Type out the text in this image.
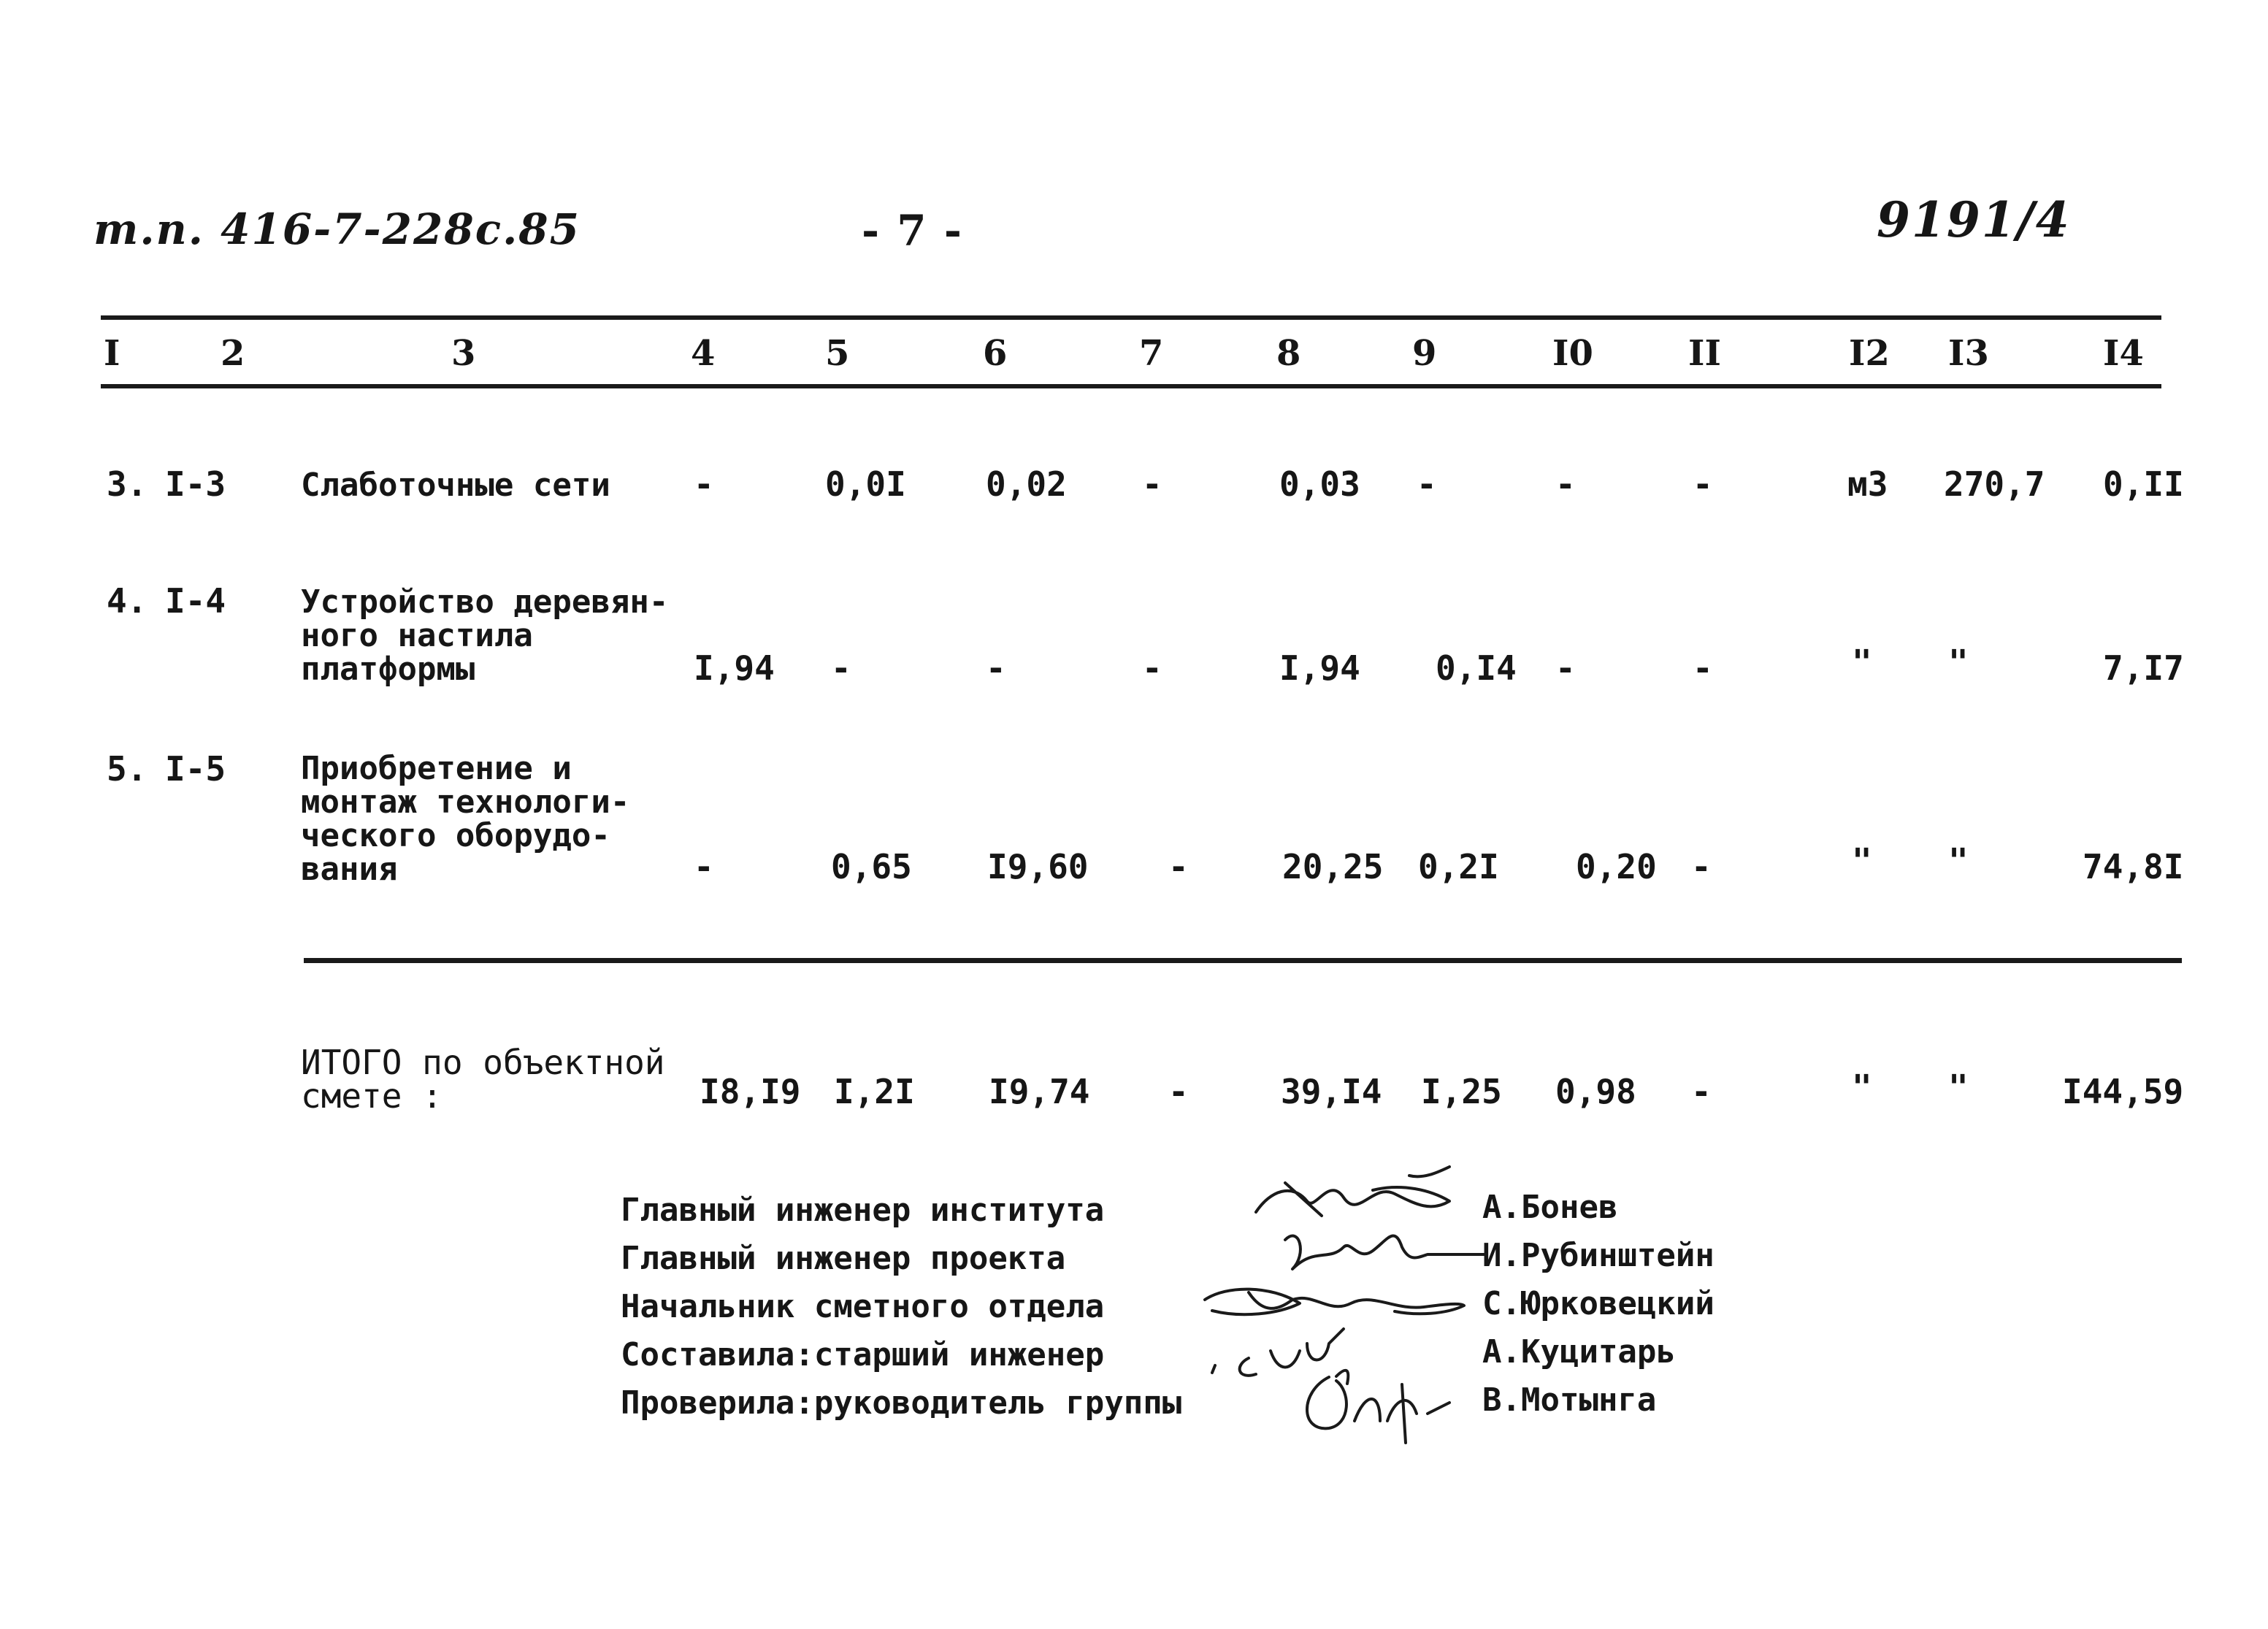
т.п. 416-7-228с.85	- 7 -	9191/4
I	2	3	4	5	6	7	8	9	I0	II	I2 I3	I4
3. I-3 Слаботочные сети -	0,0I 0,02 -	0,03 -	-	-	м3 270,7 0,II
4. I-4 Устройство деревян-
ного настила
платформы	I,94 -	-	-	I,94 0,I4 -	-	" "	7,I7
5. I-5 Приобретение и
монтаж технологи-
ческого оборудо-
вания	-	0,65 I9,60 -	20,25 0,2I 0,20 -	" "	74,8I
ИТОГО по объектной
смете :	I8,I9 I,2I I9,74 -	39,I4 I,25 0,98 -	" "	I44,59
Главный инженер института
Главный инженер проекта
Начальник сметного отдела
Составила:старший инженер
Проверила:руководитель группы
А.Бонев
И.Рубинштейн
С.Юрковецкий
А.Куцитарь
В.Мотынга
